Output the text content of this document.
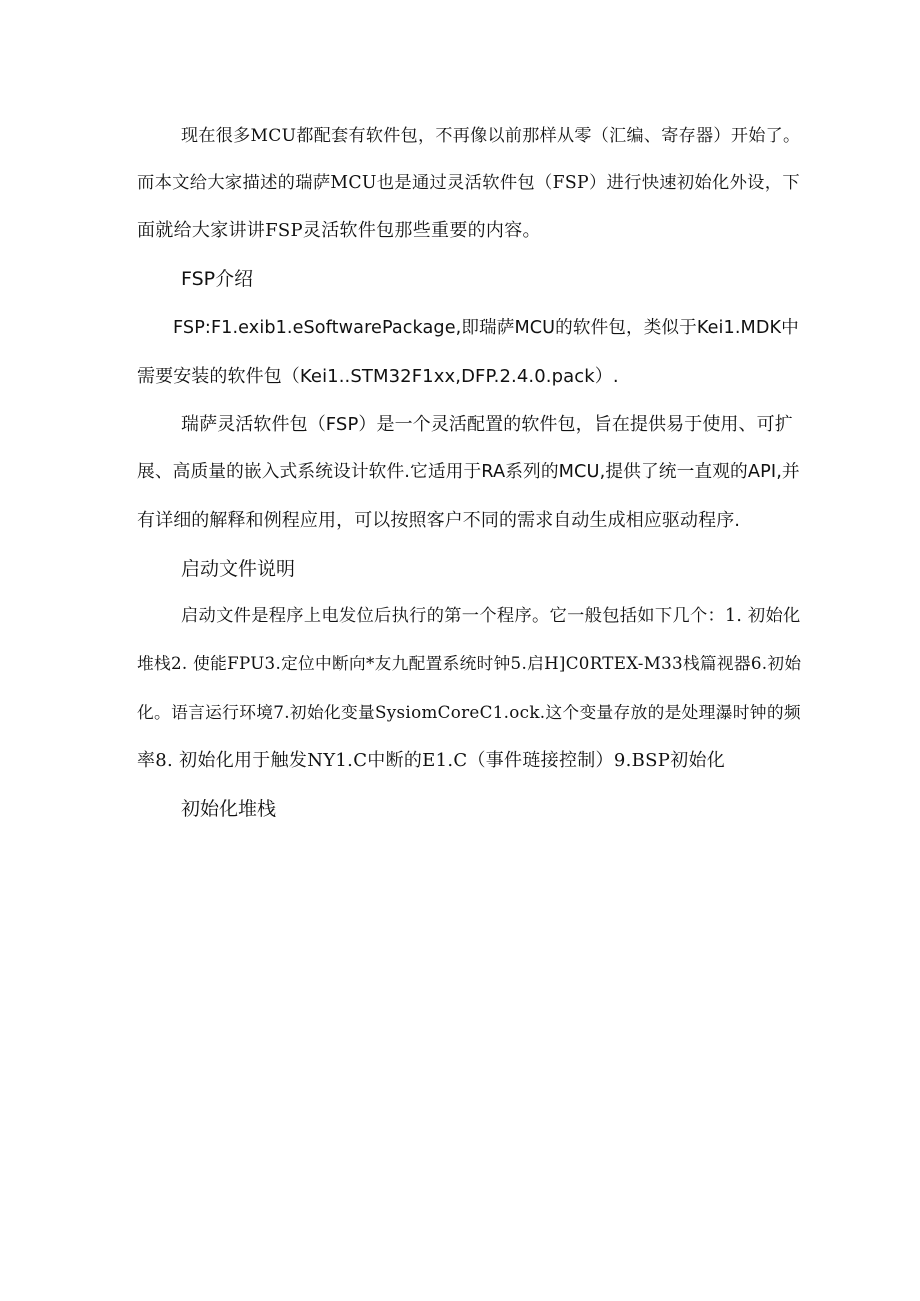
现在很多MCU都配套有软件包，不再像以前那样从零（汇编、寄存器）开始了。
而本文给大家描述的瑞萨MCU也是通过灵活软件包（FSP）进行快速初始化外设，下
面就给大家讲讲FSP灵活软件包那些重要的内容。
FSP介绍
FSP:F1.exib1.eSoftwarePackage,即瑞萨MCU的软件包，类似于Kei1.MDK中
需要安装的软件包（Kei1..STM32F1xx,DFP.2.4.0.pack）.
瑞萨灵活软件包（FSP）是一个灵活配置的软件包，旨在提供易于使用、可扩
展、高质量的嵌入式系统设计软件.它适用于RA系列的MCU,提供了统一直观的API,并
有详细的解释和例程应用，可以按照客户不同的需求自动生成相应驱动程序.
启动文件说明
启动文件是程序上电发位后执行的第一个程序。它一般包括如下几个：1. 初始化
堆栈2. 使能FPU3.定位中断向*友九配置系统时钟5.启H]C0RTEX-M33栈篇视器6.初始
化。语言运行环境7.初始化变量SysiomCoreC1.ock.这个变量存放的是处理瀑时钟的频
率8. 初始化用于触发NY1.C中断的E1.C（事件琏接控制）9.BSP初始化
初始化堆栈
